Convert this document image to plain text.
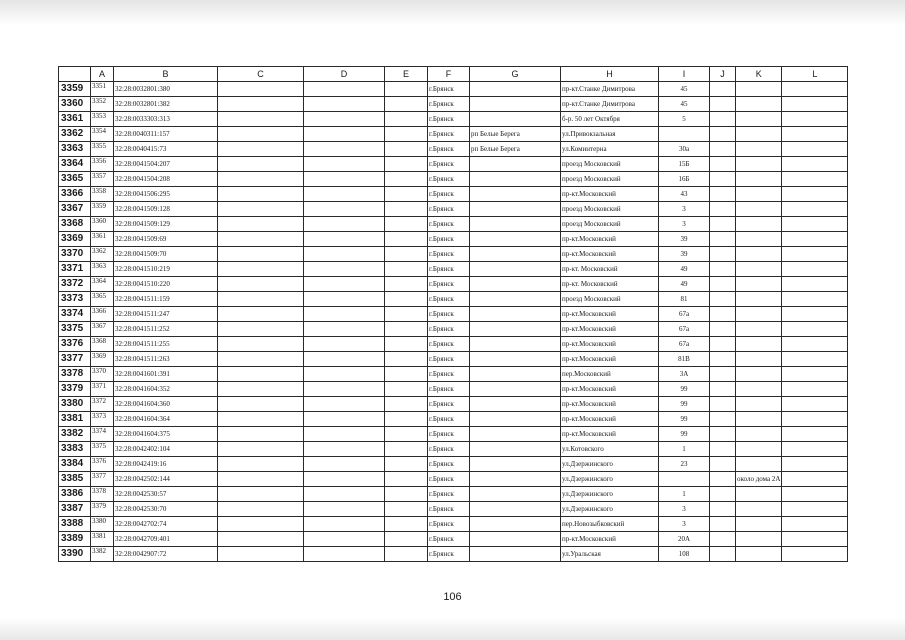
	A	B	C	D	E	F	G	H	I	J	K	L
3359	3351	32:28:0032801:380				г.Брянск		пр-кт.Станке Димитрова	45			
3360	3352	32:28:0032801:382				г.Брянск		пр-кт.Станке Димитрова	45			
3361	3353	32:28:0033303:313				г.Брянск		б-р. 50 лет Октября	5			
3362	3354	32:28:0040311:157				г.Брянск	рп Белые Берега	ул.Привокзальная				
3363	3355	32:28:0040415:73				г.Брянск	рп Белые Берега	ул.Коминтерна	30а			
3364	3356	32:28:0041504:207				г.Брянск		проезд Московский	15Б			
3365	3357	32:28:0041504:208				г.Брянск		проезд Московский	16Б			
3366	3358	32:28:0041506:295				г.Брянск		пр-кт.Московский	43			
3367	3359	32:28:0041509:128				г.Брянск		проезд Московский	3			
3368	3360	32:28:0041509:129				г.Брянск		проезд Московский	3			
3369	3361	32:28:0041509:69				г.Брянск		пр-кт.Московский	39			
3370	3362	32:28:0041509:70				г.Брянск		пр-кт.Московский	39			
3371	3363	32:28:0041510:219				г.Брянск		пр-кт. Московский	49			
3372	3364	32:28:0041510:220				г.Брянск		пр-кт. Московский	49			
3373	3365	32:28:0041511:159				г.Брянск		проезд Московский	81			
3374	3366	32:28:0041511:247				г.Брянск		пр-кт.Московский	67а			
3375	3367	32:28:0041511:252				г.Брянск		пр-кт.Московский	67а			
3376	3368	32:28:0041511:255				г.Брянск		пр-кт.Московский	67а			
3377	3369	32:28:0041511:263				г.Брянск		пр-кт.Московский	81В			
3378	3370	32:28:0041601:391				г.Брянск		пер.Московский	3А			
3379	3371	32:28:0041604:352				г.Брянск		пр-кт.Московский	99			
3380	3372	32:28:0041604:360				г.Брянск		пр-кт.Московский	99			
3381	3373	32:28:0041604:364				г.Брянск		пр-кт.Московский	99			
3382	3374	32:28:0041604:375				г.Брянск		пр-кт.Московский	99			
3383	3375	32:28:0042402:104				г.Брянск		ул.Котовского	1			
3384	3376	32:28:0042419:16				г.Брянск		ул.Дзержинского	23			
3385	3377	32:28:0042502:144				г.Брянск		ул.Дзержинского			около дома 2А	
3386	3378	32:28:0042530:57				г.Брянск		ул.Дзержинского	1			
3387	3379	32:28:0042530:70				г.Брянск		ул.Дзержинского	3			
3388	3380	32:28:0042702:74				г.Брянск		пер.Новозыбковский	3			
3389	3381	32:28:0042709:401				г.Брянск		пр-кт.Московский	20А			
3390	3382	32:28:0042907:72				г.Брянск		ул.Уральская	108			
106
